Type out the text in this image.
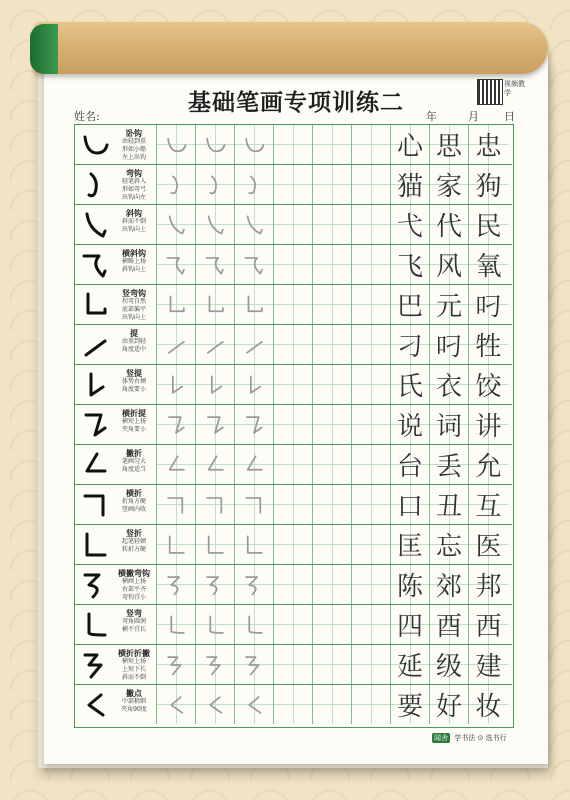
基础笔画专项训练二
视频教学
姓名:	年	月 日
卧钩
由轻到重
形如小船
左上出钩	心 思 忠
弯钩
轻笔斜入
形如弯弓
出钩向左	猫 家 狗
斜钩
斜而不倒
出钩向上	弋 代 民
横斜钩
横略上扬
斜钩向上	飞 风 氧
竖弯钩
拐弯自然
底部偏平
出钩向上	巴 元 叼
提
由重到轻
角度适中	刁 叼 牲
竖提
体势右倾
角度要小	氏 衣 饺
横折提
横短上扬
夹角要小	说 词 讲
撇折
笔画匀大
角度适当	台 丢 允
横折
折角方硬
竖画内收	口 丑 互
竖折
起笔轻顿
转折方硬	匡 忘 医
横撇弯钩
横画上扬
右部平齐
弯钩宜小	陈 郊 邦
竖弯
弯角圆润
横不宜长	四 酉 西
横折折撇
横短上扬
上短下长
斜而不倒	延 级 建
撇点
中部稍细
夹角90度	要 好 妆
闻舍 学书法 ⊙ 选书行
